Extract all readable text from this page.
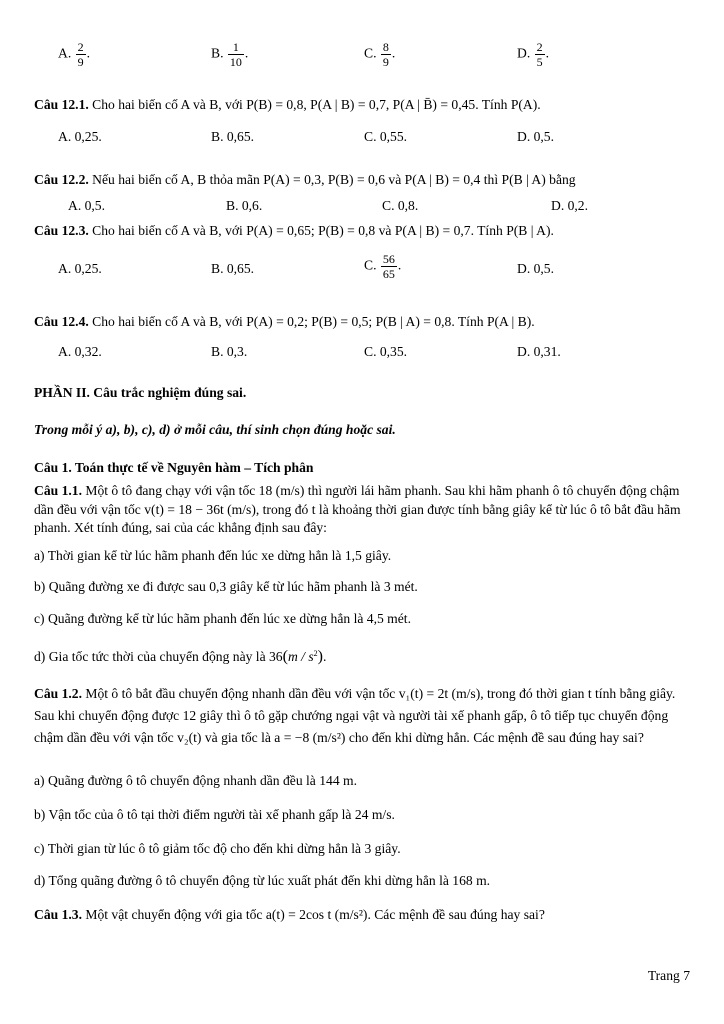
A. $\frac{2}{9}$ .	B. $\frac{1}{10}$ .	C. $\frac{8}{9}$ .	D. $\frac{2}{5}$ .
Câu 12.1. Cho hai biến cố A và B, với P(B) = 0,8, P(A | B) = 0,7, P(A | B̄) = 0,45. Tính P(A).
A. 0,25.	B. 0,65.	C. 0,55.	D. 0,5.
Câu 12.2. Nếu hai biến cố A, B thỏa mãn P(A) = 0,3, P(B) = 0,6 và P(A | B) = 0,4 thì P(B | A) bằng
A. 0,5.	B. 0,6.	C. 0,8.	D. 0,2.
Câu 12.3. Cho hai biến cố A và B, với P(A) = 0,65; P(B) = 0,8 và P(A | B) = 0,7. Tính P(B | A).
A. 0,25.	B. 0,65.	C. $\frac{56}{65}$ .	D. 0,5.
Câu 12.4. Cho hai biến cố A và B, với P(A) = 0,2; P(B) = 0,5; P(B | A) = 0,8. Tính P(A | B).
A. 0,32.	B. 0,3.	C. 0,35.	D. 0,31.
PHẦN II. Câu trắc nghiệm đúng sai.
Trong mỗi ý a), b), c), d) ở mỗi câu, thí sinh chọn đúng hoặc sai.
Câu 1. Toán thực tế về Nguyên hàm – Tích phân
Câu 1.1. Một ô tô đang chạy với vận tốc 18 (m/s) thì người lái hãm phanh. Sau khi hãm phanh ô tô chuyển động chậm dần đều với vận tốc v(t) = 18 − 36t (m/s), trong đó t là khoảng thời gian được tính bằng giây kể từ lúc ô tô bắt đầu hãm phanh. Xét tính đúng, sai của các khẳng định sau đây:
a) Thời gian kể từ lúc hãm phanh đến lúc xe dừng hẳn là 1,5 giây.
b) Quãng đường xe đi được sau 0,3 giây kể từ lúc hãm phanh là 3 mét.
c) Quãng đường kể từ lúc hãm phanh đến lúc xe dừng hẳn là 4,5 mét.
d) Gia tốc tức thời của chuyển động này là $36(m / s^2)$.
Câu 1.2. Một ô tô bắt đầu chuyển động nhanh dần đều với vận tốc v₁(t) = 2t (m/s), trong đó thời gian t tính bằng giây. Sau khi chuyển động được 12 giây thì ô tô gặp chướng ngại vật và người tài xế phanh gấp, ô tô tiếp tục chuyển động chậm dần đều với vận tốc v₂(t) và gia tốc là a = −8 (m/s²) cho đến khi dừng hẳn. Các mệnh đề sau đúng hay sai?
a) Quãng đường ô tô chuyển động nhanh dần đều là 144 m.
b) Vận tốc của ô tô tại thời điểm người tài xế phanh gấp là 24 m/s.
c) Thời gian từ lúc ô tô giảm tốc độ cho đến khi dừng hẳn là 3 giây.
d) Tổng quãng đường ô tô chuyển động từ lúc xuất phát đến khi dừng hẳn là 168 m.
Câu 1.3. Một vật chuyển động với gia tốc a(t) = 2cos t (m/s²). Các mệnh đề sau đúng hay sai?
Trang 7
